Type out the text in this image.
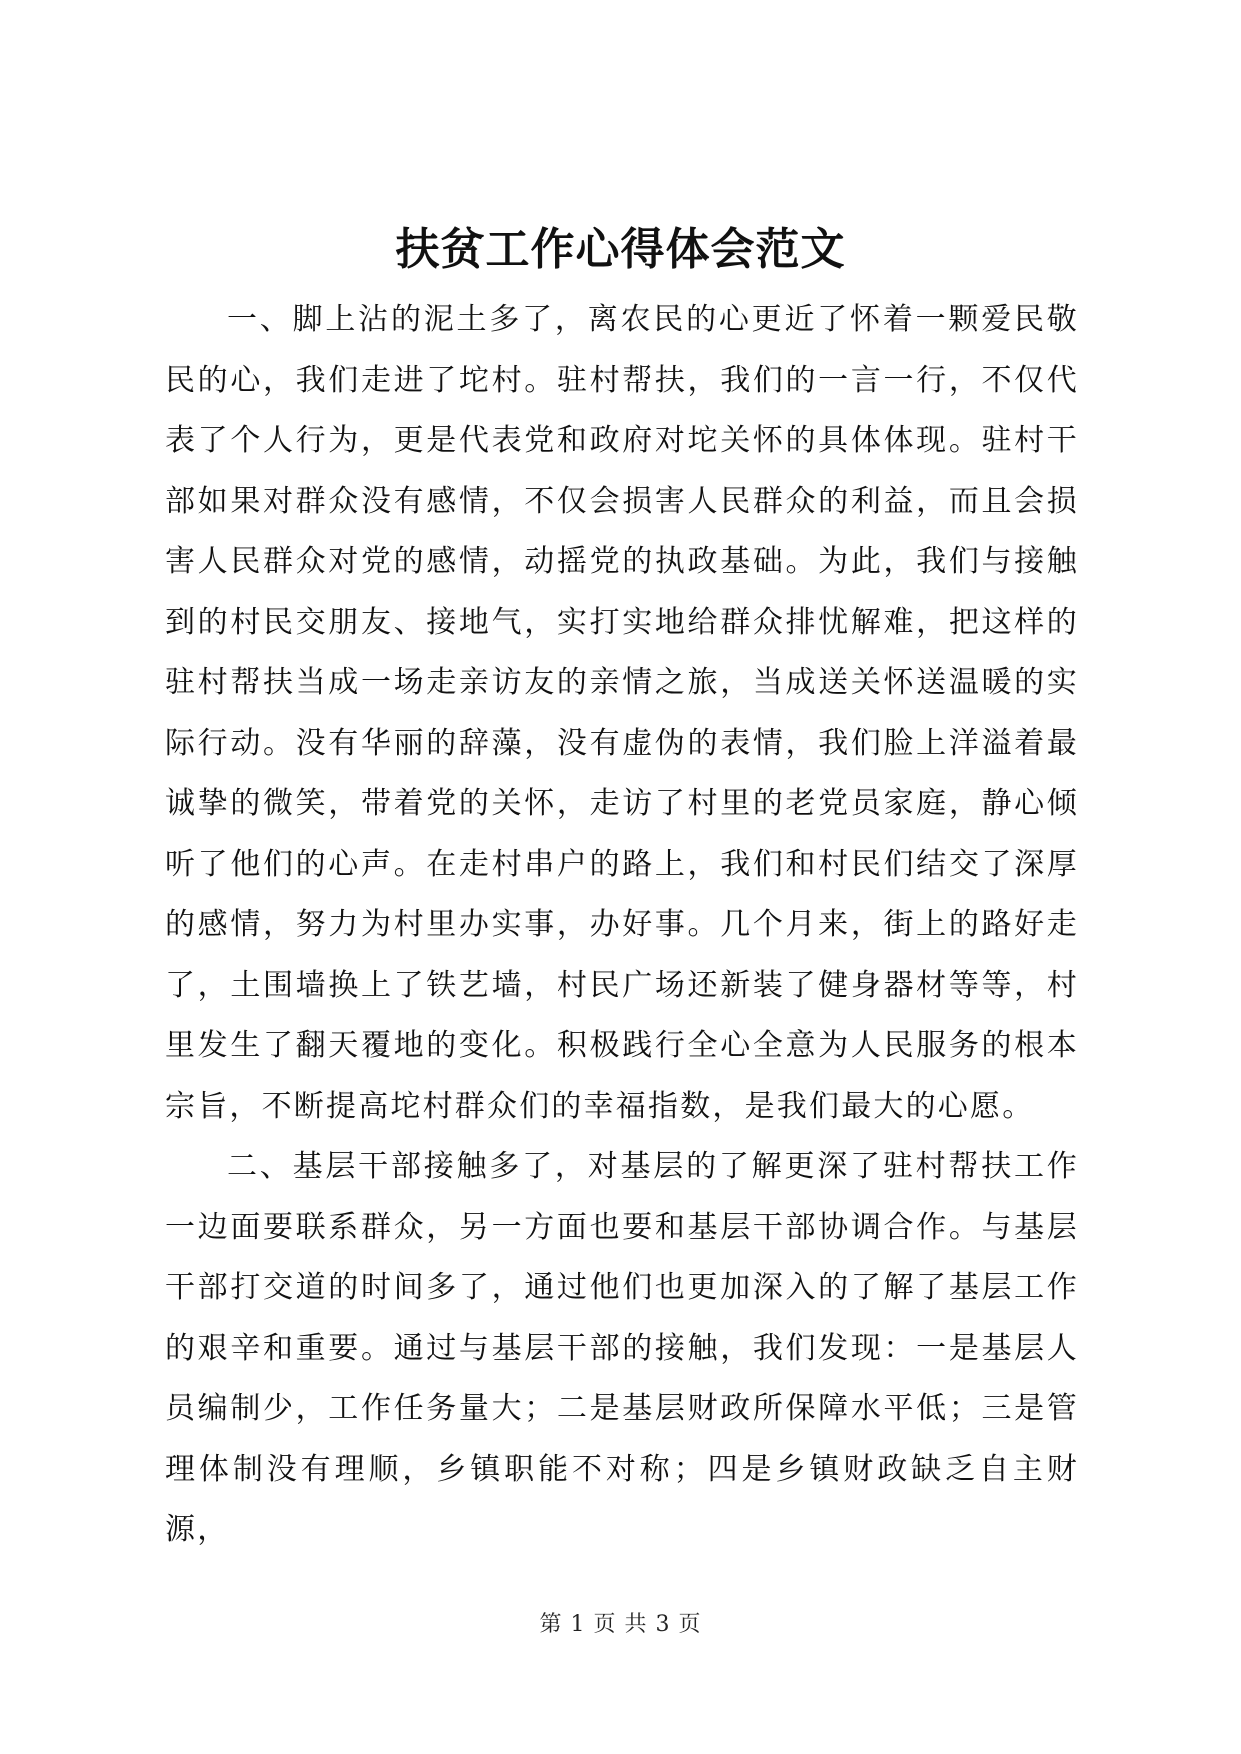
扶贫工作心得体会范文

一、脚上沾的泥土多了，离农民的心更近了怀着一颗爱民敬民的心，我们走进了坨村。驻村帮扶，我们的一言一行，不仅代表了个人行为，更是代表党和政府对坨关怀的具体体现。驻村干部如果对群众没有感情，不仅会损害人民群众的利益，而且会损害人民群众对党的感情，动摇党的执政基础。为此，我们与接触到的村民交朋友、接地气，实打实地给群众排忧解难，把这样的驻村帮扶当成一场走亲访友的亲情之旅，当成送关怀送温暖的实际行动。没有华丽的辞藻，没有虚伪的表情，我们脸上洋溢着最诚挚的微笑，带着党的关怀，走访了村里的老党员家庭，静心倾听了他们的心声。在走村串户的路上，我们和村民们结交了深厚的感情，努力为村里办实事，办好事。几个月来，街上的路好走了，土围墙换上了铁艺墙，村民广场还新装了健身器材等等，村里发生了翻天覆地的变化。积极践行全心全意为人民服务的根本宗旨，不断提高坨村群众们的幸福指数，是我们最大的心愿。

二、基层干部接触多了，对基层的了解更深了驻村帮扶工作一边面要联系群众，另一方面也要和基层干部协调合作。与基层干部打交道的时间多了，通过他们也更加深入的了解了基层工作的艰辛和重要。通过与基层干部的接触，我们发现：一是基层人员编制少，工作任务量大；二是基层财政所保障水平低；三是管理体制没有理顺，乡镇职能不对称；四是乡镇财政缺乏自主财源，

第 1 页 共 3 页
